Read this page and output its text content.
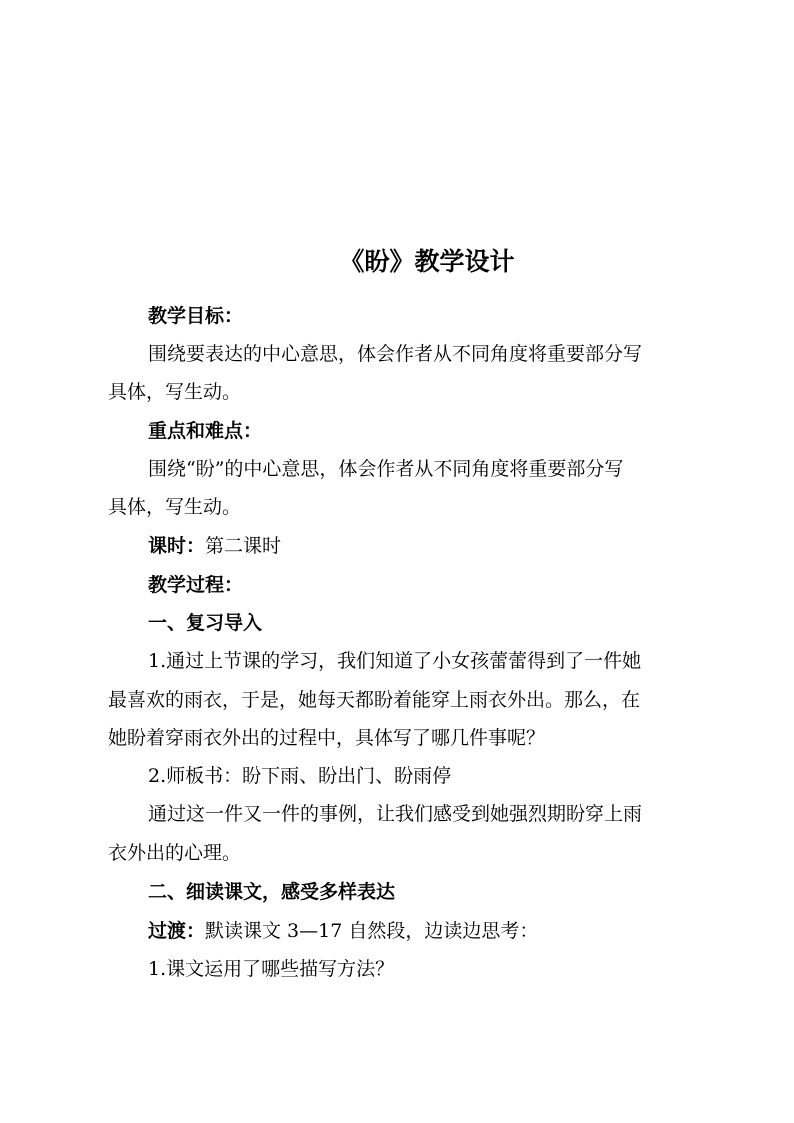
《盼》教学设计
教学目标：
围绕要表达的中心意思，体会作者从不同角度将重要部分写
具体，写生动。
重点和难点：
围绕“盼”的中心意思，体会作者从不同角度将重要部分写
具体，写生动。
课时：第二课时
教学过程：
一、复习导入
1.通过上节课的学习，我们知道了小女孩蕾蕾得到了一件她
最喜欢的雨衣，于是，她每天都盼着能穿上雨衣外出。那么，在
她盼着穿雨衣外出的过程中，具体写了哪几件事呢？
2.师板书：盼下雨、盼出门、盼雨停
通过这一件又一件的事例，让我们感受到她强烈期盼穿上雨
衣外出的心理。
二、细读课文，感受多样表达
过渡：默读课文 3—17 自然段，边读边思考：
1.课文运用了哪些描写方法？
